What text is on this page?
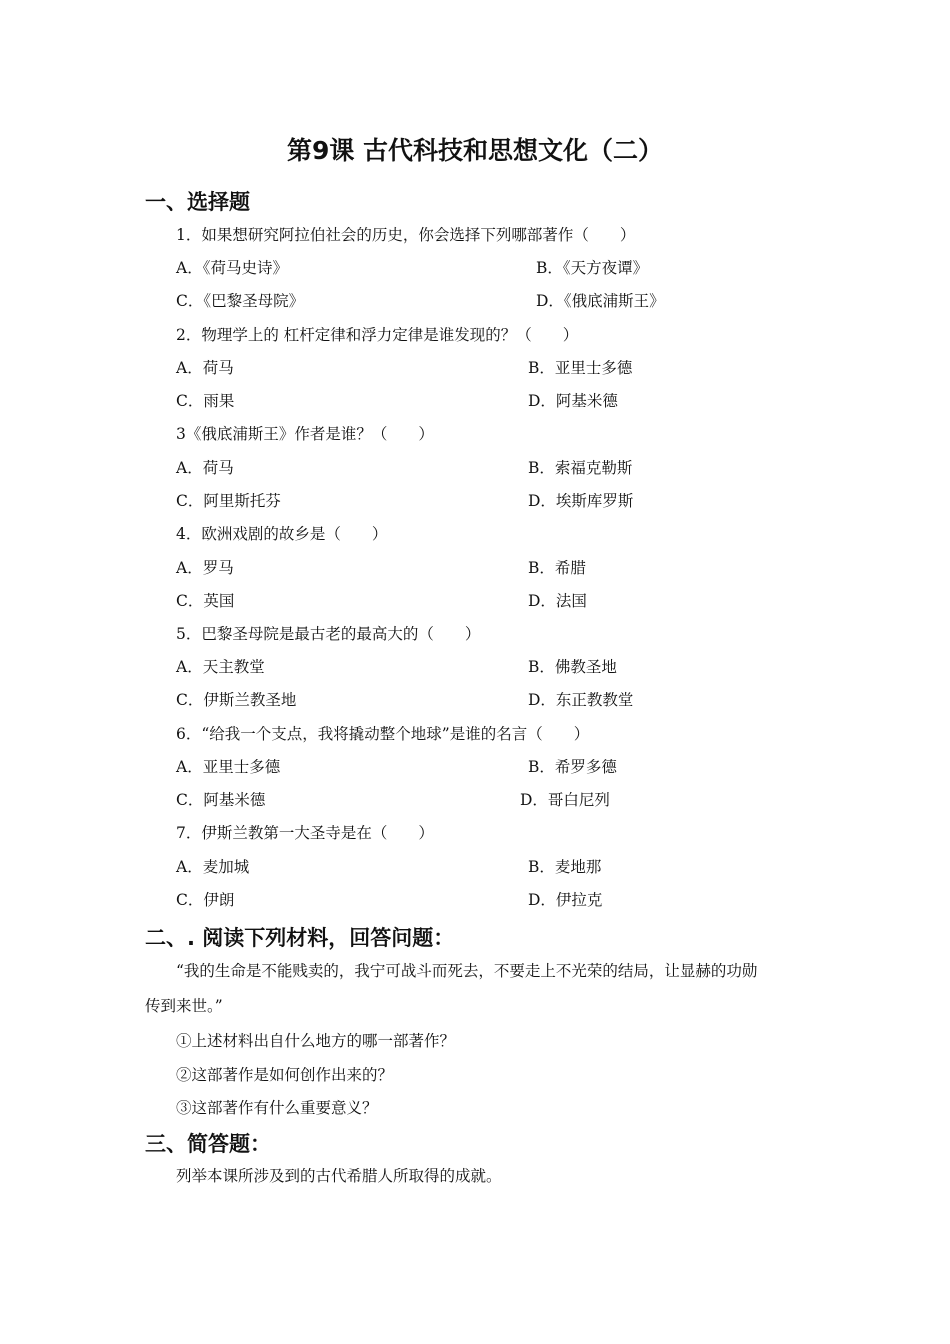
第9课 古代科技和思想文化（二）
一、选择题
1．如果想研究阿拉伯社会的历史，你会选择下列哪部著作（　　）
A．《荷马史诗》	B．《天方夜谭》
C．《巴黎圣母院》	D．《俄底浦斯王》
2．物理学上的 杠杆定律和浮力定律是谁发现的？（　　）
A．荷马	B．亚里士多德
C．雨果	D．阿基米德
3《俄底浦斯王》作者是谁？（　　）
A．荷马	B．索福克勒斯
C．阿里斯托芬	D．埃斯库罗斯
4．欧洲戏剧的故乡是（　　）
A．罗马	B．希腊
C．英国	D．法国
5．巴黎圣母院是最古老的最高大的（　　）
A．天主教堂	B．佛教圣地
C．伊斯兰教圣地	D．东正教教堂
6．“给我一个支点，我将撬动整个地球”是谁的名言（　　）
A．亚里士多德	B．希罗多德
C．阿基米德	D．哥白尼列
7．伊斯兰教第一大圣寺是在（　　）
A．麦加城	B．麦地那
C．伊朗	D．伊拉克
二、. 阅读下列材料，回答问题：
“我的生命是不能贱卖的，我宁可战斗而死去，不要走上不光荣的结局，让显赫的功勋
传到来世。”
①上述材料出自什么地方的哪一部著作？
②这部著作是如何创作出来的？
③这部著作有什么重要意义？
三、简答题：
列举本课所涉及到的古代希腊人所取得的成就。
